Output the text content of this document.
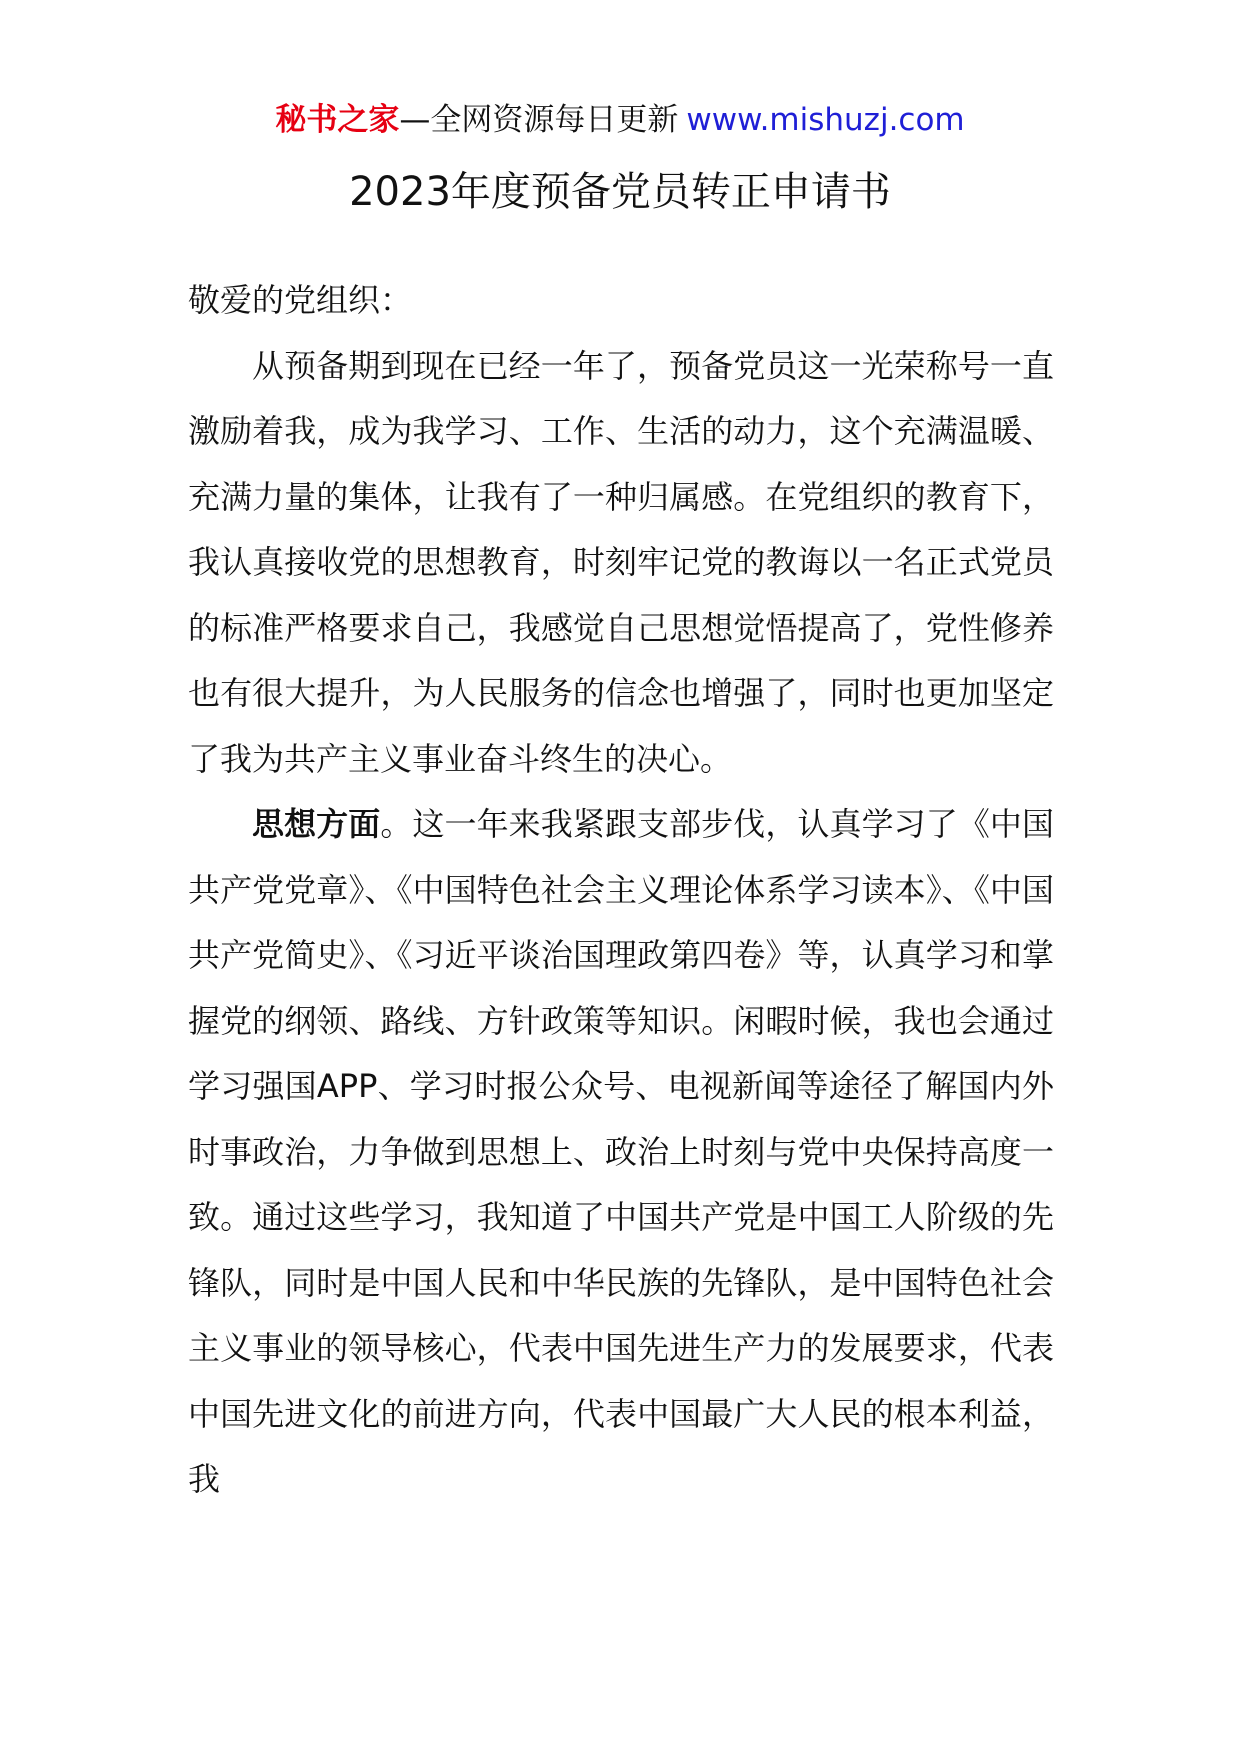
秘书之家—全网资源每日更新 www.mishuzj.com
2023年度预备党员转正申请书

敬爱的党组织：

从预备期到现在已经一年了，预备党员这一光荣称号一直激励着我，成为我学习、工作、生活的动力，这个充满温暖、充满力量的集体，让我有了一种归属感。在党组织的教育下，我认真接收党的思想教育，时刻牢记党的教诲以一名正式党员的标准严格要求自己，我感觉自己思想觉悟提高了，党性修养也有很大提升，为人民服务的信念也增强了，同时也更加坚定了我为共产主义事业奋斗终生的决心。

思想方面。这一年来我紧跟支部步伐，认真学习了《中国共产党党章》、《中国特色社会主义理论体系学习读本》、《中国共产党简史》、《习近平谈治国理政第四卷》等，认真学习和掌握党的纲领、路线、方针政策等知识。闲暇时候，我也会通过学习强国APP、学习时报公众号、电视新闻等途径了解国内外时事政治，力争做到思想上、政治上时刻与党中央保持高度一致。通过这些学习，我知道了中国共产党是中国工人阶级的先锋队，同时是中国人民和中华民族的先锋队，是中国特色社会主义事业的领导核心，代表中国先进生产力的发展要求，代表中国先进文化的前进方向，代表中国最广大人民的根本利益，我
